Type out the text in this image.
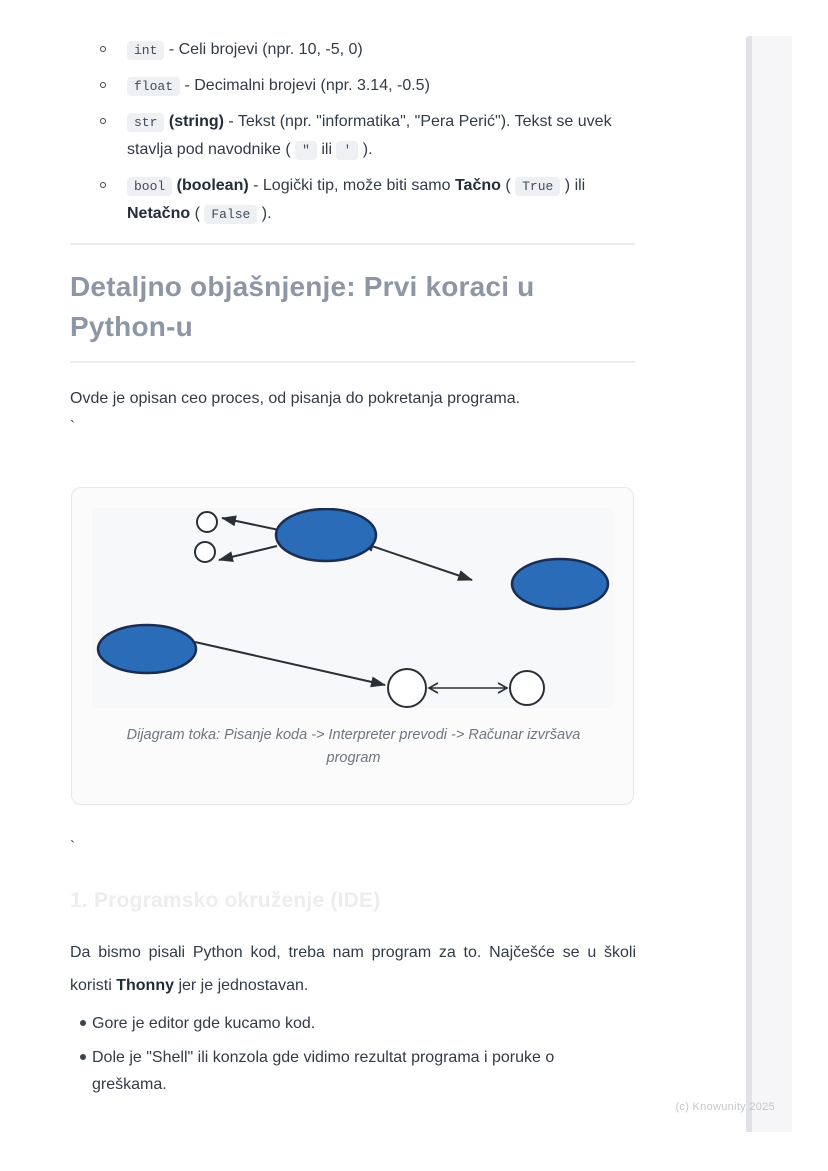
int - Celi brojevi (npr. 10, -5, 0)
float - Decimalni brojevi (npr. 3.14, -0.5)
str (string) - Tekst (npr. "informatika", "Pera Perić"). Tekst se uvek stavlja pod navodnike ( " ili ' ).
bool (boolean) - Logički tip, može biti samo Tačno ( True ) ili Netačno ( False ).
Detaljno objašnjenje: Prvi koraci u Python-u

Ovde je opisan ceo proces, od pisanja do pokretanja programa.

`
Dijagram toka: Pisanje koda -> Interpreter prevodi -> Računar izvršava program
`
1. Programsko okruženje (IDE)

Da bismo pisali Python kod, treba nam program za to. Najčešće se u školi koristi Thonny jer je jednostavan.

Gore je editor gde kucamo kod.
Dole je "Shell" ili konzola gde vidimo rezultat programa i poruke o greškama.
(c) Knowunity 2025
